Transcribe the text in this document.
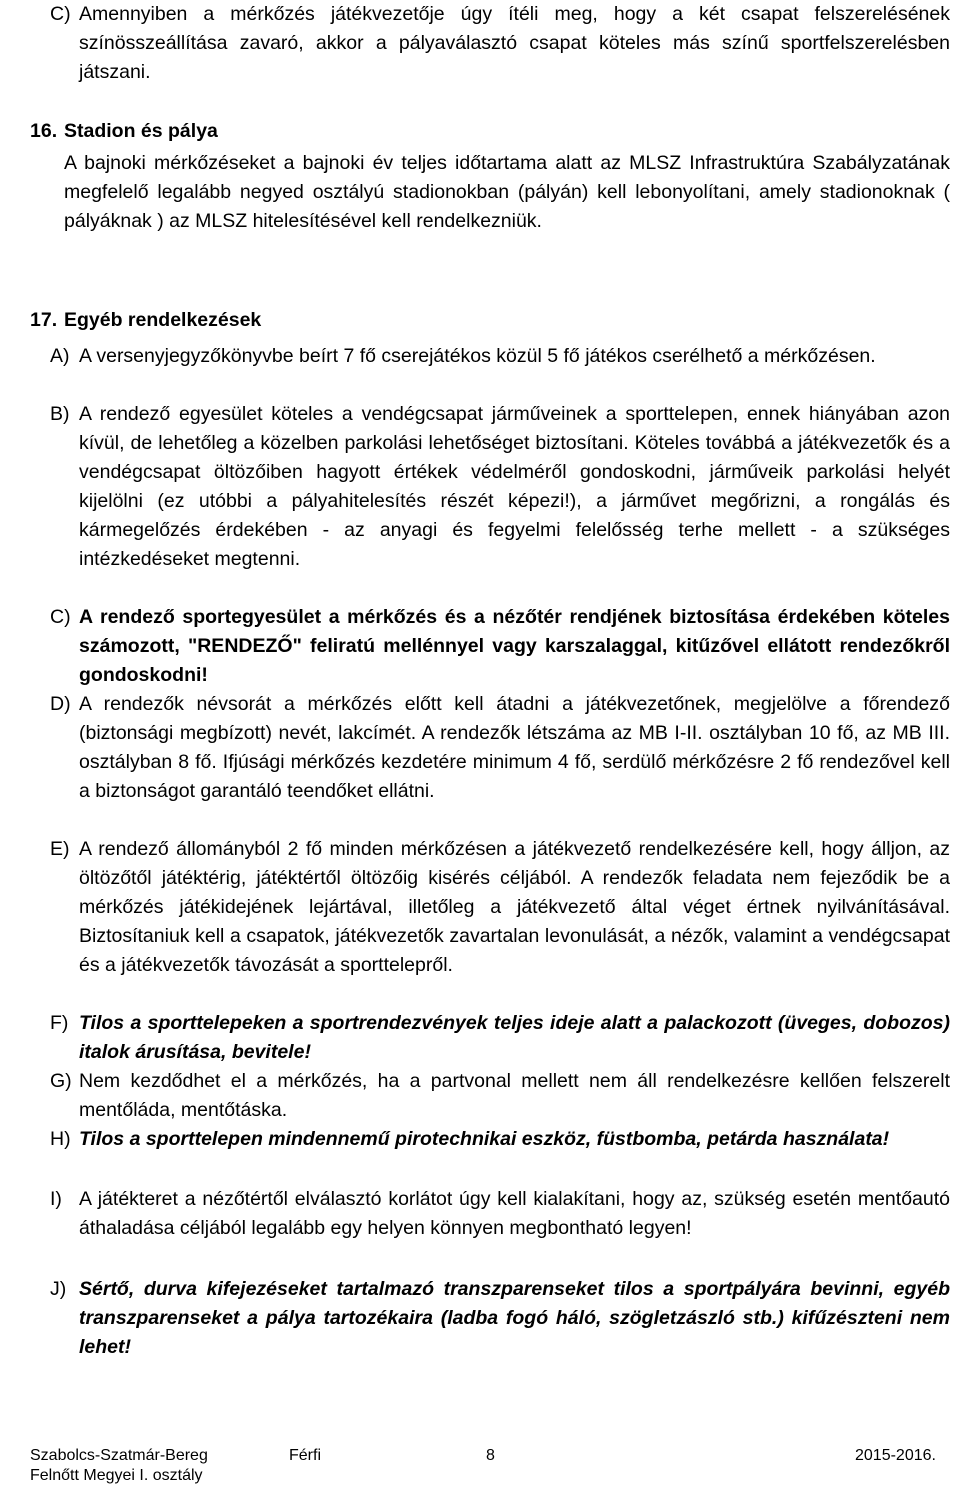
C) Amennyiben a mérkőzés játékvezetője úgy ítéli meg, hogy a két csapat felszerelésének színösszeállítása zavaró, akkor a pályaválasztó csapat köteles más színű sportfelszerelésben játszani.
16. Stadion és pálya
A bajnoki mérkőzéseket a bajnoki év teljes időtartama alatt az MLSZ Infrastruktúra Szabályzatának megfelelő legalább negyed osztályú stadionokban (pályán) kell lebonyolítani, amely stadionoknak ( pályáknak ) az MLSZ hitelesítésével kell rendelkezniük.
17. Egyéb rendelkezések
A) A versenyjegyzőkönyvbe beírt 7 fő cserejátékos közül 5 fő játékos cserélhető a mérkőzésen.
B) A rendező egyesület köteles a vendégcsapat járműveinek a sporttelepen, ennek hiányában azon kívül, de lehetőleg a közelben parkolási lehetőséget biztosítani. Köteles továbbá a játékvezetők és a vendégcsapat öltözőiben hagyott értékek védelméről gondoskodni, járműveik parkolási helyét kijelölni (ez utóbbi a pályahitelesítés részét képezi!), a járművet megőrizni, a rongálás és kármegelőzés érdekében - az anyagi és fegyelmi felelősség terhe mellett - a szükséges intézkedéseket megtenni.
C) A rendező sportegyesület a mérkőzés és a nézőtér rendjének biztosítása érdekében köteles számozott, "RENDEZŐ" feliratú mellénnyel vagy karszalaggal, kitűzővel ellátott rendezőkről gondoskodni!
D) A rendezők névsorát a mérkőzés előtt kell átadni a játékvezetőnek, megjelölve a főrendező (biztonsági megbízott) nevét, lakcímét. A rendezők létszáma az MB I-II. osztályban 10 fő, az MB III. osztályban 8 fő. Ifjúsági mérkőzés kezdetére minimum 4 fő, serdülő mérkőzésre 2 fő rendezővel kell a biztonságot garantáló teendőket ellátni.
E) A rendező állományból 2 fő minden mérkőzésen a játékvezető rendelkezésére kell, hogy álljon, az öltözőtől játéktérig, játéktértől öltözőig kisérés céljából. A rendezők feladata nem fejeződik be a mérkőzés játékidejének lejártával, illetőleg a játékvezető által véget értnek nyilvánításával. Biztosítaniuk kell a csapatok, játékvezetők zavartalan levonulását, a nézők, valamint a vendégcsapat és a játékvezetők távozását a sporttelepről.
F) Tilos a sporttelepeken a sportrendezvények teljes ideje alatt a palackozott (üveges, dobozos) italok árusítása, bevitele!
G) Nem kezdődhet el a mérkőzés, ha a partvonal mellett nem áll rendelkezésre kellően felszerelt mentőláda, mentőtáska.
H) Tilos a sporttelepen mindennemű pirotechnikai eszköz, füstbomba, petárda használata!
I) A játékteret a nézőtértől elválasztó korlátot úgy kell kialakítani, hogy az, szükség esetén mentőautó áthaladása céljából legalább egy helyen könnyen megbontható legyen!
J) Sértő, durva kifejezéseket tartalmazó transzparenseket tilos a sportpályára bevinni, egyéb transzparenseket a pálya tartozékaira (ladba fogó háló, szögletzászló stb.) kifűzészteni nem lehet!
Szabolcs-Szatmár-Bereg
Felnőtt Megyei I. osztály
Férfi	8	2015-2016.
